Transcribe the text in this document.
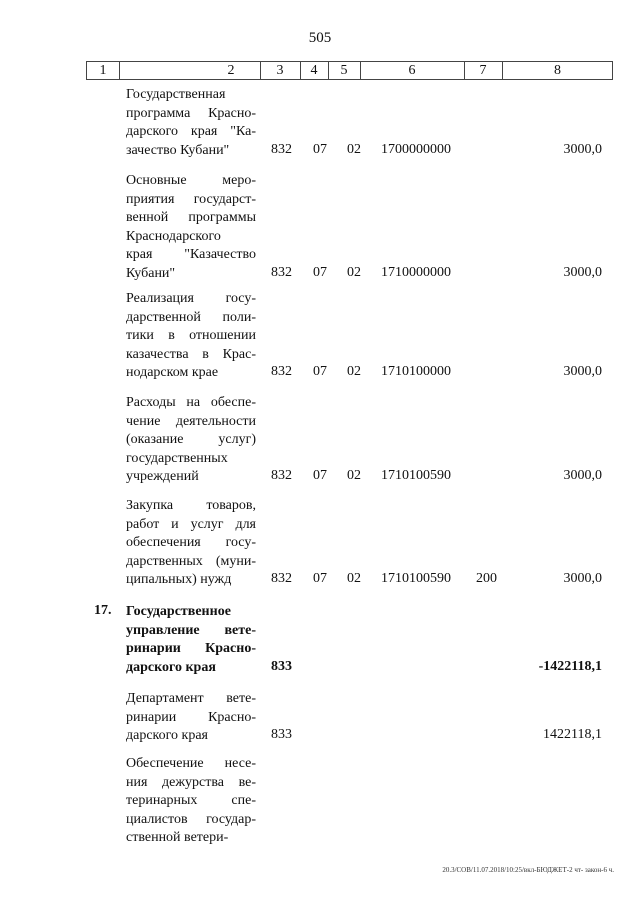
505
1	2	3	4	5	6	7	8
Государственная
программа Красно-
дарского края "Ка-
зачество Кубани"	832 07 02 1700000000	3000,0
Основные меро-
приятия государст-
венной программы
Краснодарского
края "Казачество
Кубани"	832 07 02 1710000000	3000,0
Реализация госу-
дарственной поли-
тики в отношении
казачества в Крас-
нодарском крае	832 07 02 1710100000	3000,0
Расходы на обеспе-
чение деятельности
(оказание услуг)
государственных
учреждений	832 07 02 1710100590	3000,0
Закупка товаров,
работ и услуг для
обеспечения госу-
дарственных (муни-
ципальных) нужд	832 07 02 1710100590 200	3000,0
17. Государственное
управление вете-
ринарии Красно-
дарского края	833	-1422118,1
Департамент вете-
ринарии Красно-
дарского края	833	1422118,1
Обеспечение несе-
ния дежурства ве-
теринарных спе-
циалистов государ-
ственной ветери-
20.3/СОВ/11.07.2018/10:25/вкл-БЮДЖЕТ-2 чт- закон-6 ч.
